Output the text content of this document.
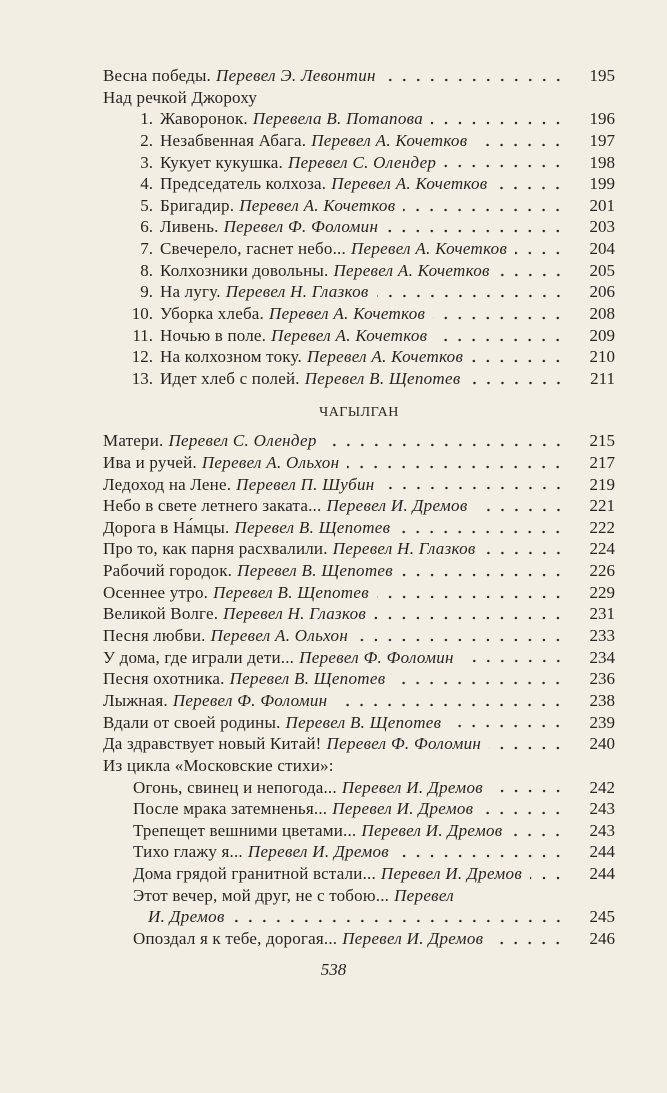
Весна победы. Перевел Э. Левонтин	195
Над речкой Джороху
1. Жаворонок. Перевела В. Потапова	196
2. Незабвенная Абага. Перевел А. Кочетков	197
3. Кукует кукушка. Перевел С. Олендер	198
4. Председатель колхоза. Перевел А. Кочетков	199
5. Бригадир. Перевел А. Кочетков	201
6. Ливень. Перевел Ф. Фоломин	203
7. Свечерело, гаснет небо... Перевел А. Кочетков	204
8. Колхозники довольны. Перевел А. Кочетков	205
9. На лугу. Перевел Н. Глазков	206
10. Уборка хлеба. Перевел А. Кочетков	208
11. Ночью в поле. Перевел А. Кочетков	209
12. На колхозном току. Перевел А. Кочетков	210
13. Идет хлеб с полей. Перевел В. Щепотев	211
ЧАГЫЛГАН
Матери. Перевел С. Олендер	215
Ива и ручей. Перевел А. Ольхон	217
Ледоход на Лене. Перевел П. Шубин	219
Небо в свете летнего заката... Перевел И. Дремов	221
Дорога в На́мцы. Перевел В. Щепотев	222
Про то, как парня расхвалили. Перевел Н. Глазков	224
Рабочий городок. Перевел В. Щепотев	226
Осеннее утро. Перевел В. Щепотев	229
Великой Волге. Перевел Н. Глазков	231
Песня любви. Перевел А. Ольхон	233
У дома, где играли дети... Перевел Ф. Фоломин	234
Песня охотника. Перевел В. Щепотев	236
Лыжная. Перевел Ф. Фоломин	238
Вдали от своей родины. Перевел В. Щепотев	239
Да здравствует новый Китай! Перевел Ф. Фоломин	240
Из цикла «Московские стихи»:
Огонь, свинец и непогода... Перевел И. Дремов	242
После мрака затемненья... Перевел И. Дремов	243
Трепещет вешними цветами... Перевел И. Дремов	243
Тихо глажу я... Перевел И. Дремов	244
Дома грядой гранитной встали... Перевел И. Дремов	244
Этот вечер, мой друг, не с тобою... Перевел
И. Дремов	245
Опоздал я к тебе, дорогая... Перевел И. Дремов	246
538
